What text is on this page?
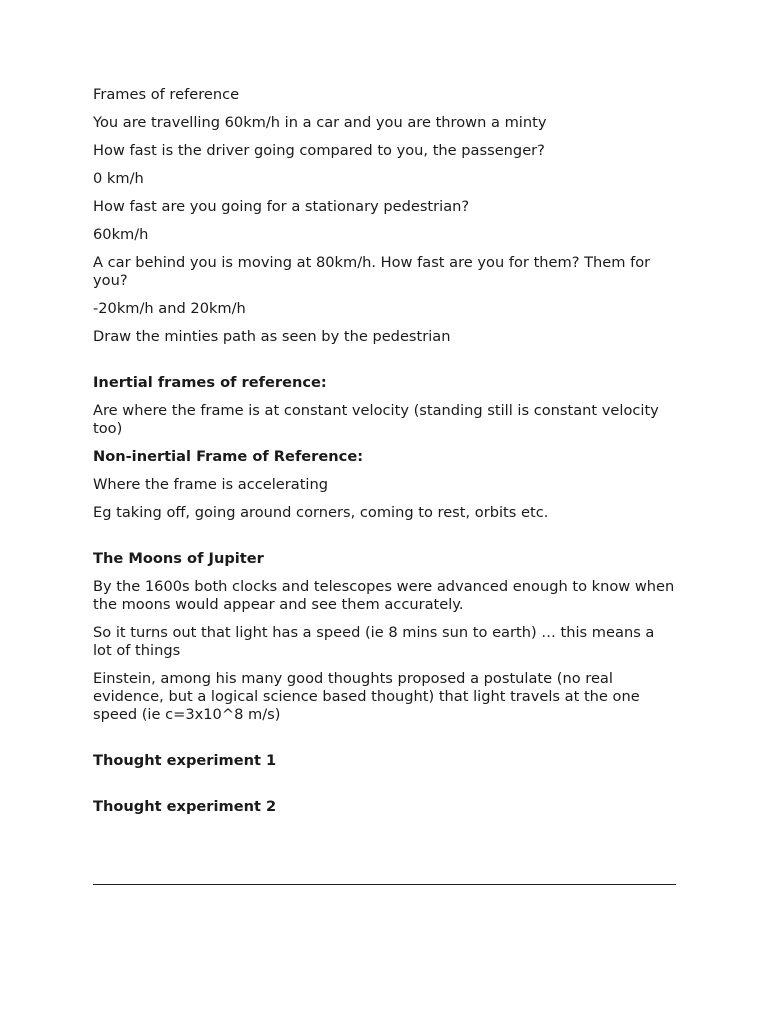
Frames of reference

You are travelling 60km/h in a car and you are thrown a minty

How fast is the driver going compared to you, the passenger?

0 km/h

How fast are you going for a stationary pedestrian?

60km/h

A car behind you is moving at 80km/h. How fast are you for them? Them for you?

-20km/h and 20km/h

Draw the minties path as seen by the pedestrian

Inertial frames of reference:

Are where the frame is at constant velocity (standing still is constant velocity too)

Non-inertial Frame of Reference:

Where the frame is accelerating

Eg taking off, going around corners, coming to rest, orbits etc.

The Moons of Jupiter

By the 1600s both clocks and telescopes were advanced enough to know when the moons would appear and see them accurately.

So it turns out that light has a speed (ie 8 mins sun to earth) … this means a lot of things

Einstein, among his many good thoughts proposed a postulate (no real evidence, but a logical science based thought) that light travels at the one speed (ie c=3x10^8 m/s)

Thought experiment 1

Thought experiment 2
